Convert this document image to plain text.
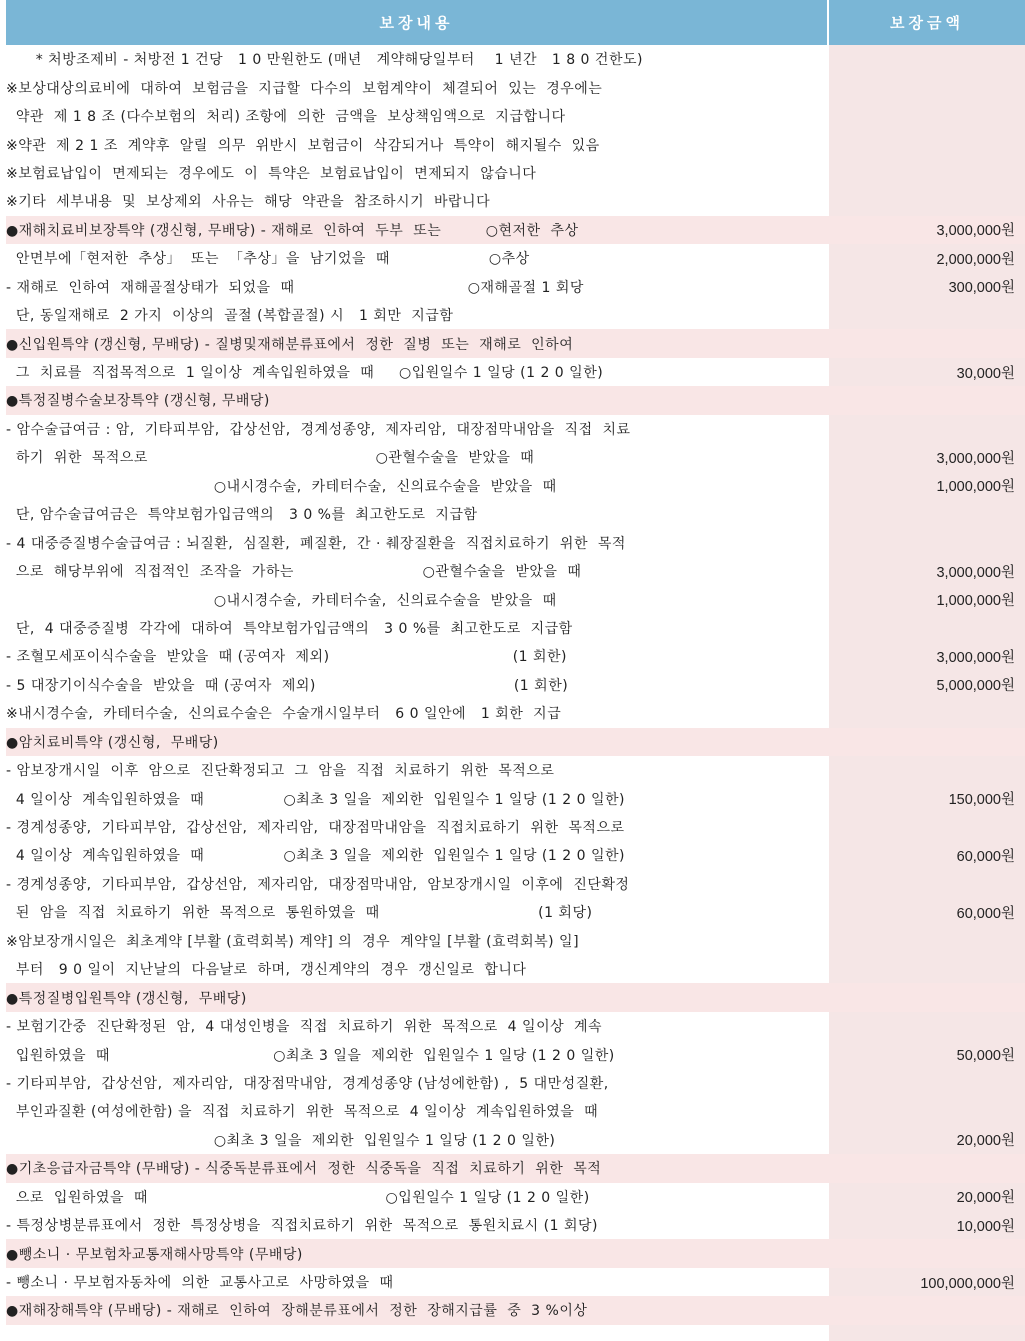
보장내용	보장금액
* 처방조제비 - 처방전 1 건당   1 0 만원한도 (매년   계약해당일부터    1 년간   1 8 0 건한도)
※보상대상의료비에  대하여  보험금을  지급할  다수의  보험계약이  체결되어  있는  경우에는
약관  제 1 8 조 (다수보험의  처리) 조항에  의한  금액을  보상책임액으로  지급합니다
※약관  제 2 1 조  계약후  알릴  의무  위반시  보험금이  삭감되거나  특약이  해지될수  있음
※보험료납입이  면제되는  경우에도  이  특약은  보험료납입이  면제되지  않습니다
※기타  세부내용  및  보상제외  사유는  해당  약관을  참조하시기  바랍니다
●재해치료비보장특약 (갱신형, 무배당) - 재해로  인하여  두부  또는         ○현저한  추상	3,000,000원
안면부에「현저한  추상」  또는  「추상」을  남기었을  때                    ○추상	2,000,000원
- 재해로  인하여  재해골절상태가  되었을  때                                   ○재해골절 1 회당	300,000원
단, 동일재해로  2 가지  이상의  골절 (복합골절) 시   1 회만  지급함
●신입원특약 (갱신형, 무배당) - 질병및재해분류표에서  정한  질병  또는  재해로  인하여
그  치료를  직접목적으로  1 일이상  계속입원하였을  때     ○입원일수 1 일당 (1 2 0 일한)	30,000원
●특정질병수술보장특약 (갱신형, 무배당)
- 암수술급여금 : 암,  기타피부암,  갑상선암,  경계성종양,  제자리암,  대장점막내암을  직접  치료
하기  위한  목적으로                                              ○관혈수술을  받았을  때	3,000,000원
○내시경수술,  카테터수술,  신의료수술을  받았을  때	1,000,000원
단, 암수술급여금은  특약보험가입금액의   3 0 %를  최고한도로  지급함
- 4 대중증질병수술급여금 : 뇌질환,  심질환,  폐질환,  간 · 췌장질환을  직접치료하기  위한  목적
으로  해당부위에  직접적인  조작을  가하는                          ○관혈수술을  받았을  때	3,000,000원
○내시경수술,  카테터수술,  신의료수술을  받았을  때	1,000,000원
단,  4 대중증질병  각각에  대하여  특약보험가입금액의   3 0 %를  최고한도로  지급함
- 조혈모세포이식수술을  받았을  때 (공여자  제외)                                     (1 회한)	3,000,000원
- 5 대장기이식수술을  받았을  때 (공여자  제외)                                        (1 회한)	5,000,000원
※내시경수술,  카테터수술,  신의료수술은  수술개시일부터   6 0 일안에   1 회한  지급
●암치료비특약 (갱신형,  무배당)
- 암보장개시일  이후  암으로  진단확정되고  그  암을  직접  치료하기  위한  목적으로
4 일이상  계속입원하였을  때                ○최초 3 일을  제외한  입원일수 1 일당 (1 2 0 일한)	150,000원
- 경계성종양,  기타피부암,  갑상선암,  제자리암,  대장점막내암을  직접치료하기  위한  목적으로
4 일이상  계속입원하였을  때                ○최초 3 일을  제외한  입원일수 1 일당 (1 2 0 일한)	60,000원
- 경계성종양,  기타피부암,  갑상선암,  제자리암,  대장점막내암,  암보장개시일  이후에  진단확정
된  암을  직접  치료하기  위한  목적으로  통원하였을  때                                (1 회당)	60,000원
※암보장개시일은  최초계약 [부활 (효력회복) 계약] 의  경우  계약일 [부활 (효력회복) 일]
부터   9 0 일이  지난날의  다음날로  하며,  갱신계약의  경우  갱신일로  합니다
●특정질병입원특약 (갱신형,  무배당)
- 보험기간중  진단확정된  암,  4 대성인병을  직접  치료하기  위한  목적으로  4 일이상  계속
입원하였을  때                                 ○최초 3 일을  제외한  입원일수 1 일당 (1 2 0 일한)	50,000원
- 기타피부암,  갑상선암,  제자리암,  대장점막내암,  경계성종양 (남성에한함) ,  5 대만성질환,
부인과질환 (여성에한함) 을  직접  치료하기  위한  목적으로  4 일이상  계속입원하였을  때
○최초 3 일을  제외한  입원일수 1 일당 (1 2 0 일한)	20,000원
●기초응급자금특약 (무배당) - 식중독분류표에서  정한  식중독을  직접  치료하기  위한  목적
으로  입원하였을  때                                                ○입원일수 1 일당 (1 2 0 일한)	20,000원
- 특정상병분류표에서  정한  특정상병을  직접치료하기  위한  목적으로  통원치료시 (1 회당)	10,000원
●뺑소니 · 무보험차교통재해사망특약 (무배당)
- 뺑소니 · 무보험자동차에  의한  교통사고로  사망하였을  때	100,000,000원
●재해장해특약 (무배당) - 재해로  인하여  장해분류표에서  정한  장해지급률  중  3 %이상
